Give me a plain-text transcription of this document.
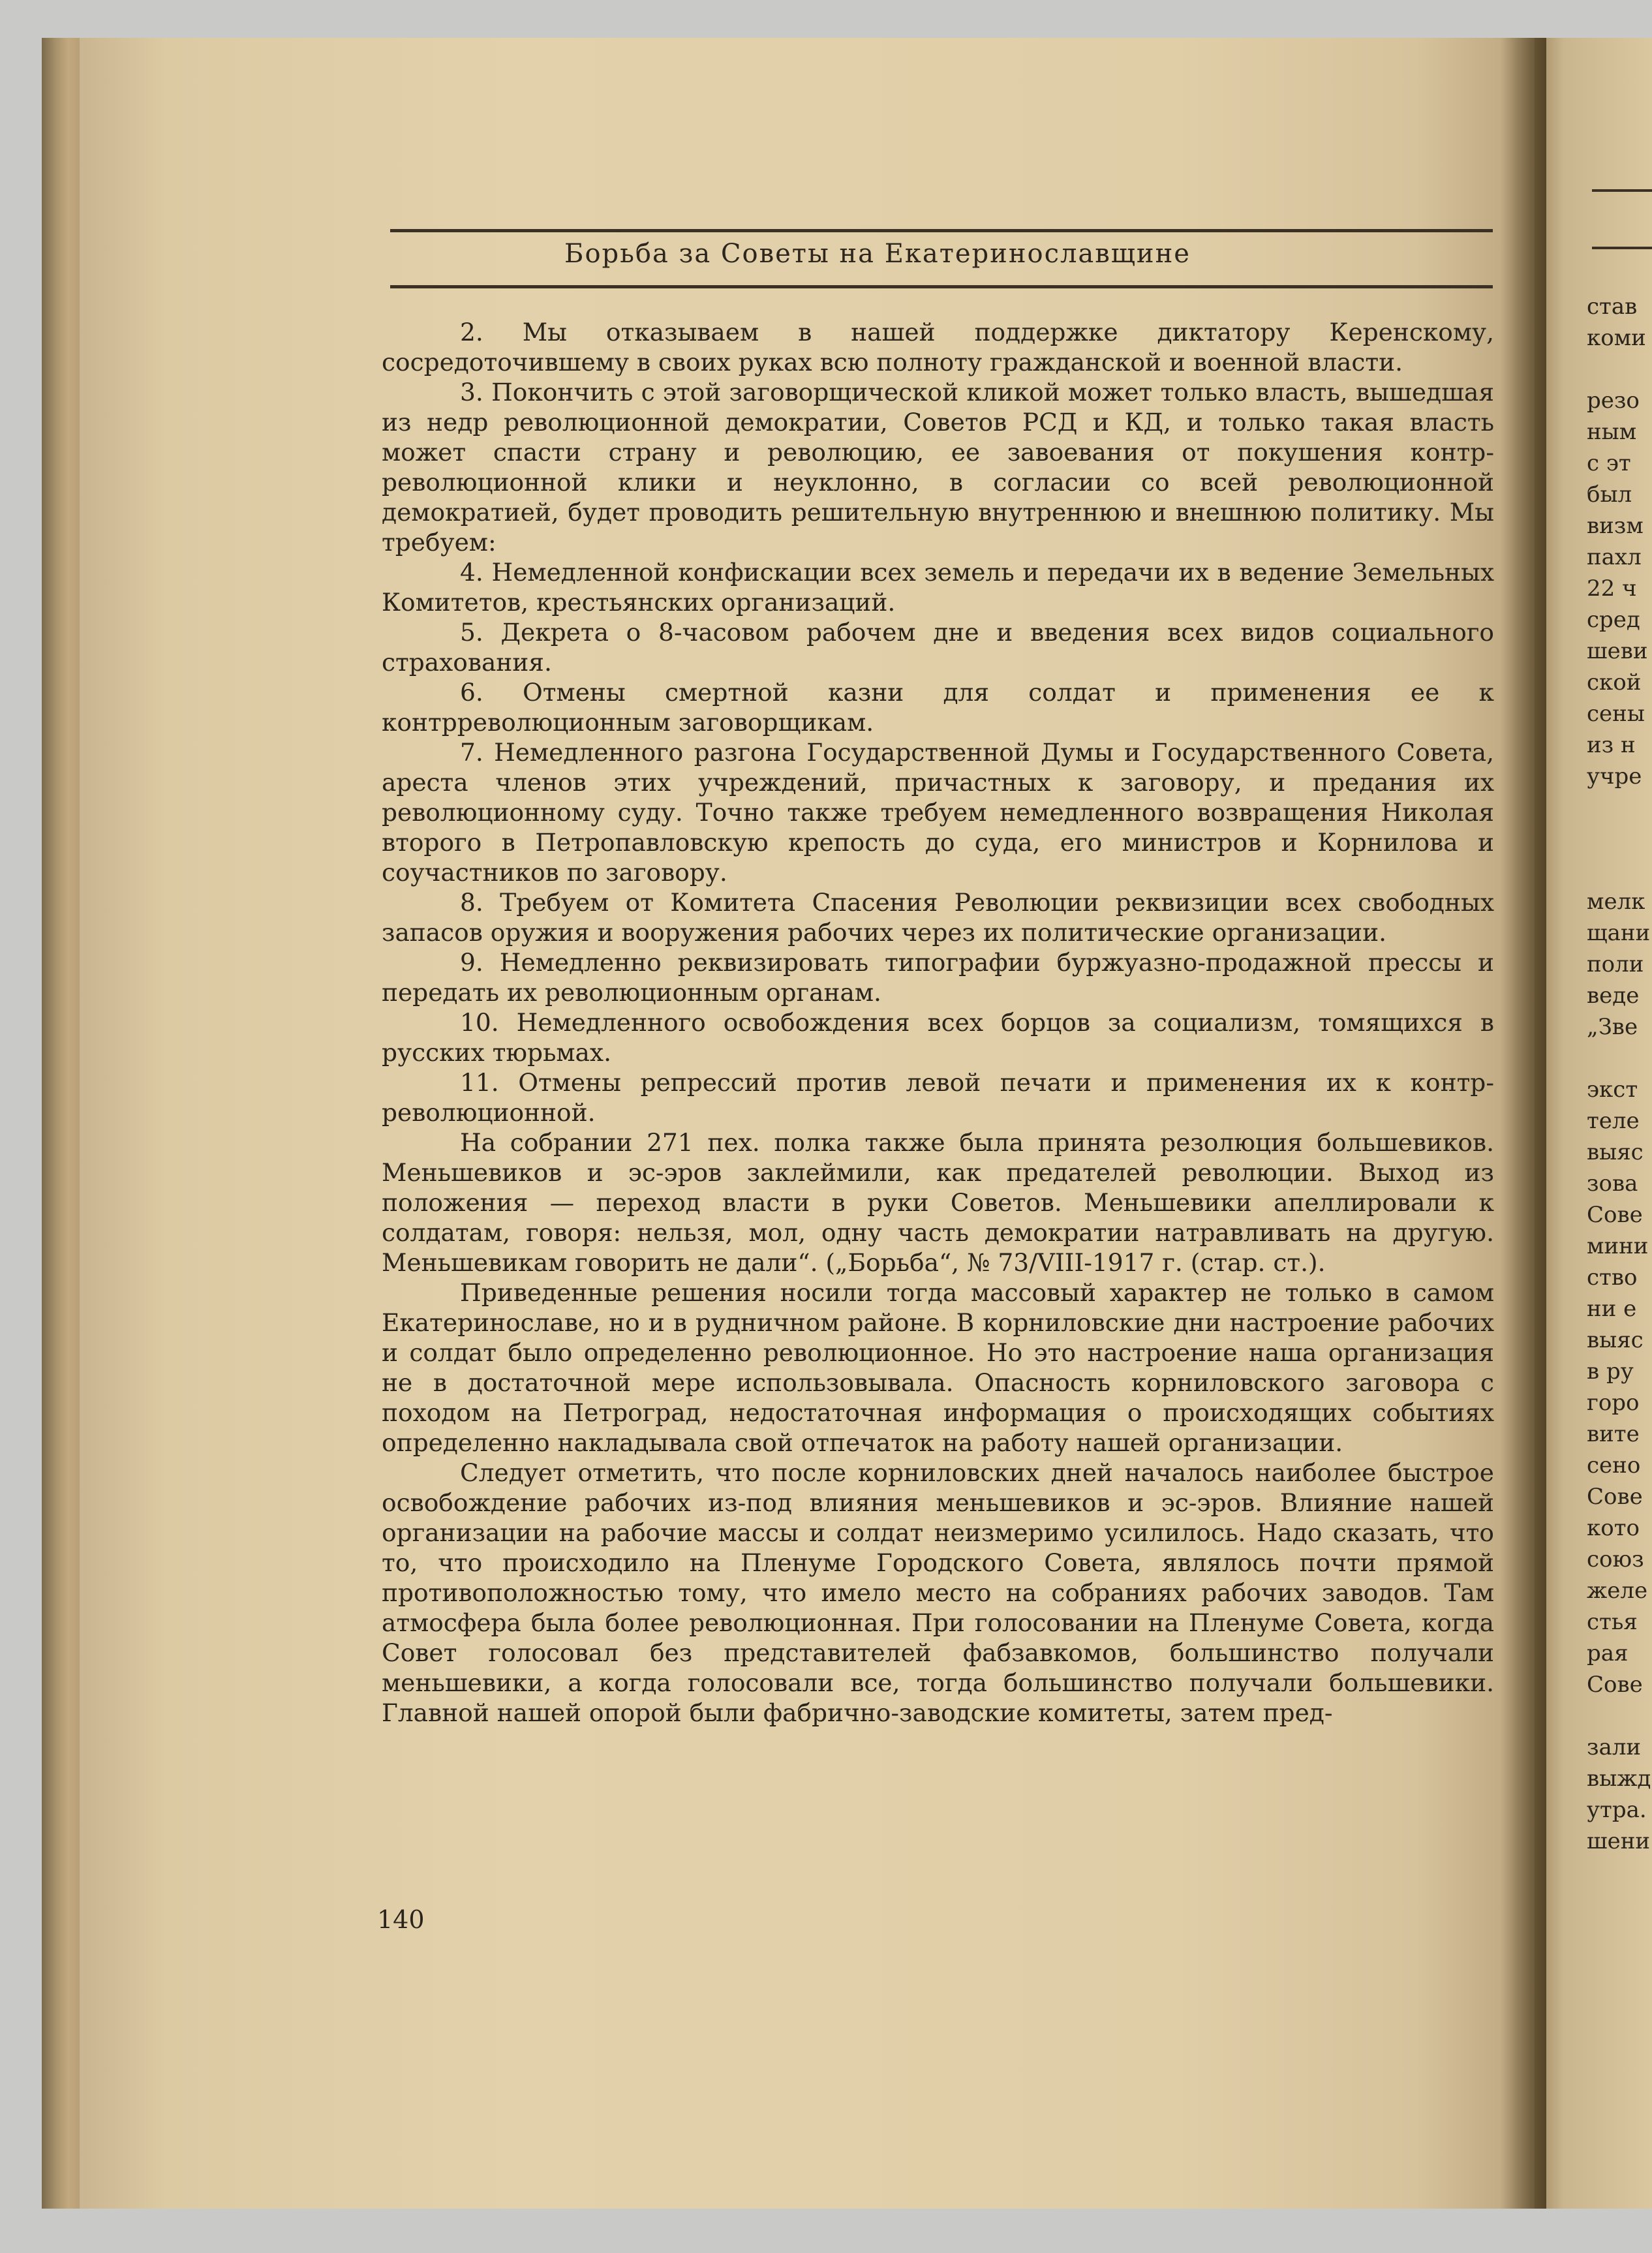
Борьба за Советы на Екатеринославщине

2. Мы отказываем в нашей поддержке диктатору Керенскому, сосредоточившему в своих руках всю полноту гражданской и военной власти.

3. Покончить с этой заговорщической кликой может только власть, вышедшая из недр революционной демократии, Советов РСД и КД, и только такая власть может спасти страну и революцию, ее завоевания от покушения контр-революционной клики и неуклонно, в согласии со всей революционной демократией, будет проводить решительную внутреннюю и внешнюю политику. Мы требуем:

4. Немедленной конфискации всех земель и передачи их в ведение Земельных Комитетов, крестьянских организаций.

5. Декрета о 8-часовом рабочем дне и введения всех видов социального страхования.

6. Отмены смертной казни для солдат и применения ее к контрреволюционным заговорщикам.

7. Немедленного разгона Государственной Думы и Государственного Совета, ареста членов этих учреждений, причастных к заговору, и предания их революционному суду. Точно также требуем немедленного возвращения Николая второго в Петропавловскую крепость до суда, его министров и Корнилова и соучастников по заговору.

8. Требуем от Комитета Спасения Революции реквизиции всех свободных запасов оружия и вооружения рабочих через их политические организации.

9. Немедленно реквизировать типографии буржуазно-продажной прессы и передать их революционным органам.

10. Немедленного освобождения всех борцов за социализм, томящихся в русских тюрьмах.

11. Отмены репрессий против левой печати и применения их к контр-революционной.

На собрании 271 пех. полка также была принята резолюция большевиков. Меньшевиков и эс-эров заклеймили, как предателей революции. Выход из положения — переход власти в руки Советов. Меньшевики апеллировали к солдатам, говоря: нельзя, мол, одну часть демократии натравливать на другую. Меньшевикам говорить не дали“. („Борьба“, № 73/VIII-1917 г. (стар. ст.).

Приведенные решения носили тогда массовый характер не только в самом Екатеринославе, но и в рудничном районе. В корниловские дни настроение рабочих и солдат было определенно революционное. Но это настроение наша организация не в достаточной мере использовывала. Опасность корниловского заговора с походом на Петроград, недостаточная информация о происходящих событиях определенно накладывала свой отпечаток на работу нашей организации.

Следует отметить, что после корниловских дней началось наиболее быстрое освобождение рабочих из-под влияния меньшевиков и эс-эров. Влияние нашей организации на рабочие массы и солдат неизмеримо усилилось. Надо сказать, что то, что происходило на Пленуме Городского Совета, являлось почти прямой противоположностью тому, что имело место на собраниях рабочих заводов. Там атмосфера была более революционная. При голосовании на Пленуме Совета, когда Совет голосовал без представителей фабзавкомов, большинство получали меньшевики, а когда голосовали все, тогда большинство получали большевики. Главной нашей опорой были фабрично-заводские комитеты, затем пред-

140
став
коми
резо
ным
с эт
был
визм
пахл
22 ч
сред
шеви
ской
сены
из н
учре
мелк
щани
поли
веде
„Зве
экст
теле
выяс
зова
Сове
мини
ство
ни е
выяс
в ру
горо
вите
сено
Сове
кото
союз
желе
стья
рая
Сове
зали
выжд
утра.
шени
